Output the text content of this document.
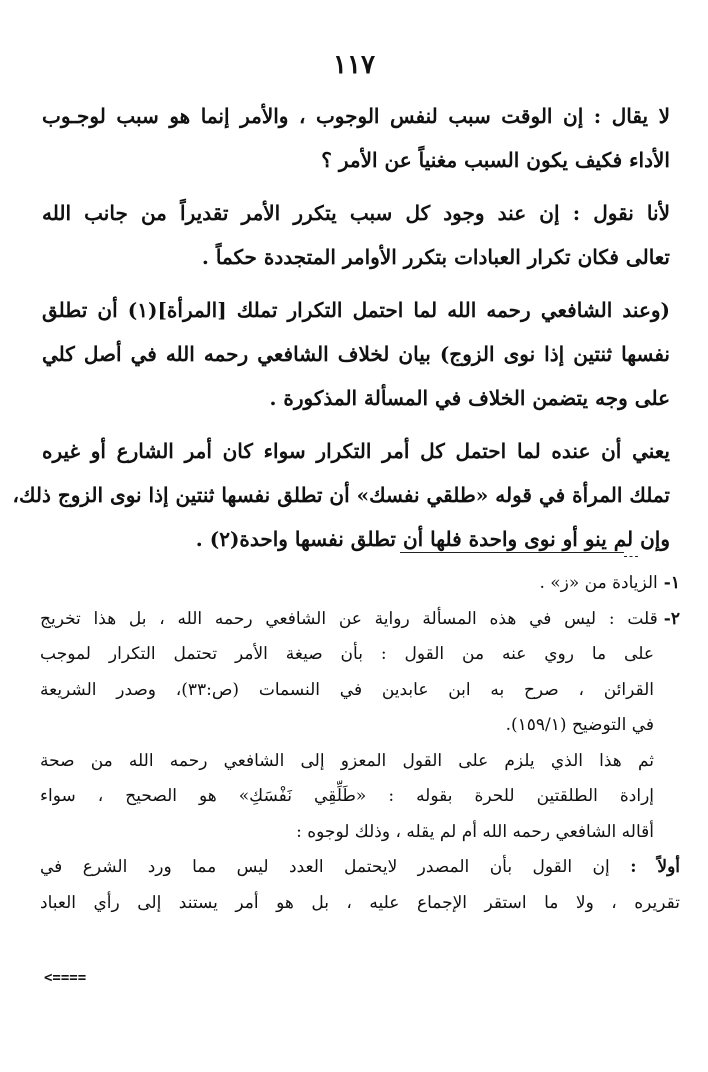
١١٧
لا يقال : إن الوقت سبب لنفس الوجوب ، والأمر إنما هو سبب لوجـوب
الأداء فكيف يكون السبب مغنياً عن الأمر ؟
لأنا نقول : إن عند وجود كل سبب يتكرر الأمر تقديراً من جانب الله
تعالى فكان تكرار العبادات بتكرر الأوامر المتجددة حكماً .
(وعند الشافعي رحمه الله لما احتمل التكرار تملك [المرأة](١) أن تطلق
نفسها ثنتين إذا نوى الزوج) بيان لخلاف الشافعي رحمه الله في أصل كلي
على وجه يتضمن الخلاف في المسألة المذكورة .
يعني أن عنده لما احتمل كل أمر التكرار سواء كان أمر الشارع أو غيره
تملك المرأة في قوله «طلقي نفسك» أن تطلق نفسها ثنتين إذا نوى الزوج ذلك،
وإن لم ينو أو نوى واحدة فلها أن تطلق نفسها واحدة(٢) .
١-الزيادة من «ز» .
٢-قلت : ليس في هذه المسألة رواية عن الشافعي رحمه الله ، بل هذا تخريج
على ما روي عنه من القول : بأن صيغة الأمر تحتمل التكرار لموجب
القرائن ، صرح به ابن عابدين في النسمات (ص:٣٣)، وصدر الشريعة
في التوضيح (١٥٩/١).
ثم هذا الذي يلزم على القول المعزو إلى الشافعي رحمه الله من صحة
إرادة الطلقتين للحرة بقوله : «طَلِّقِي نَفْسَكِ» هو الصحيح ، سواء
أقاله الشافعي رحمه الله أم لم يقله ، وذلك لوجوه :
أولاً : إن القول بأن المصدر لايحتمل العدد ليس مما ورد الشرع في
تقريره ، ولا ما استقر الإجماع عليه ، بل هو أمر يستند إلى رأي العباد
<====
